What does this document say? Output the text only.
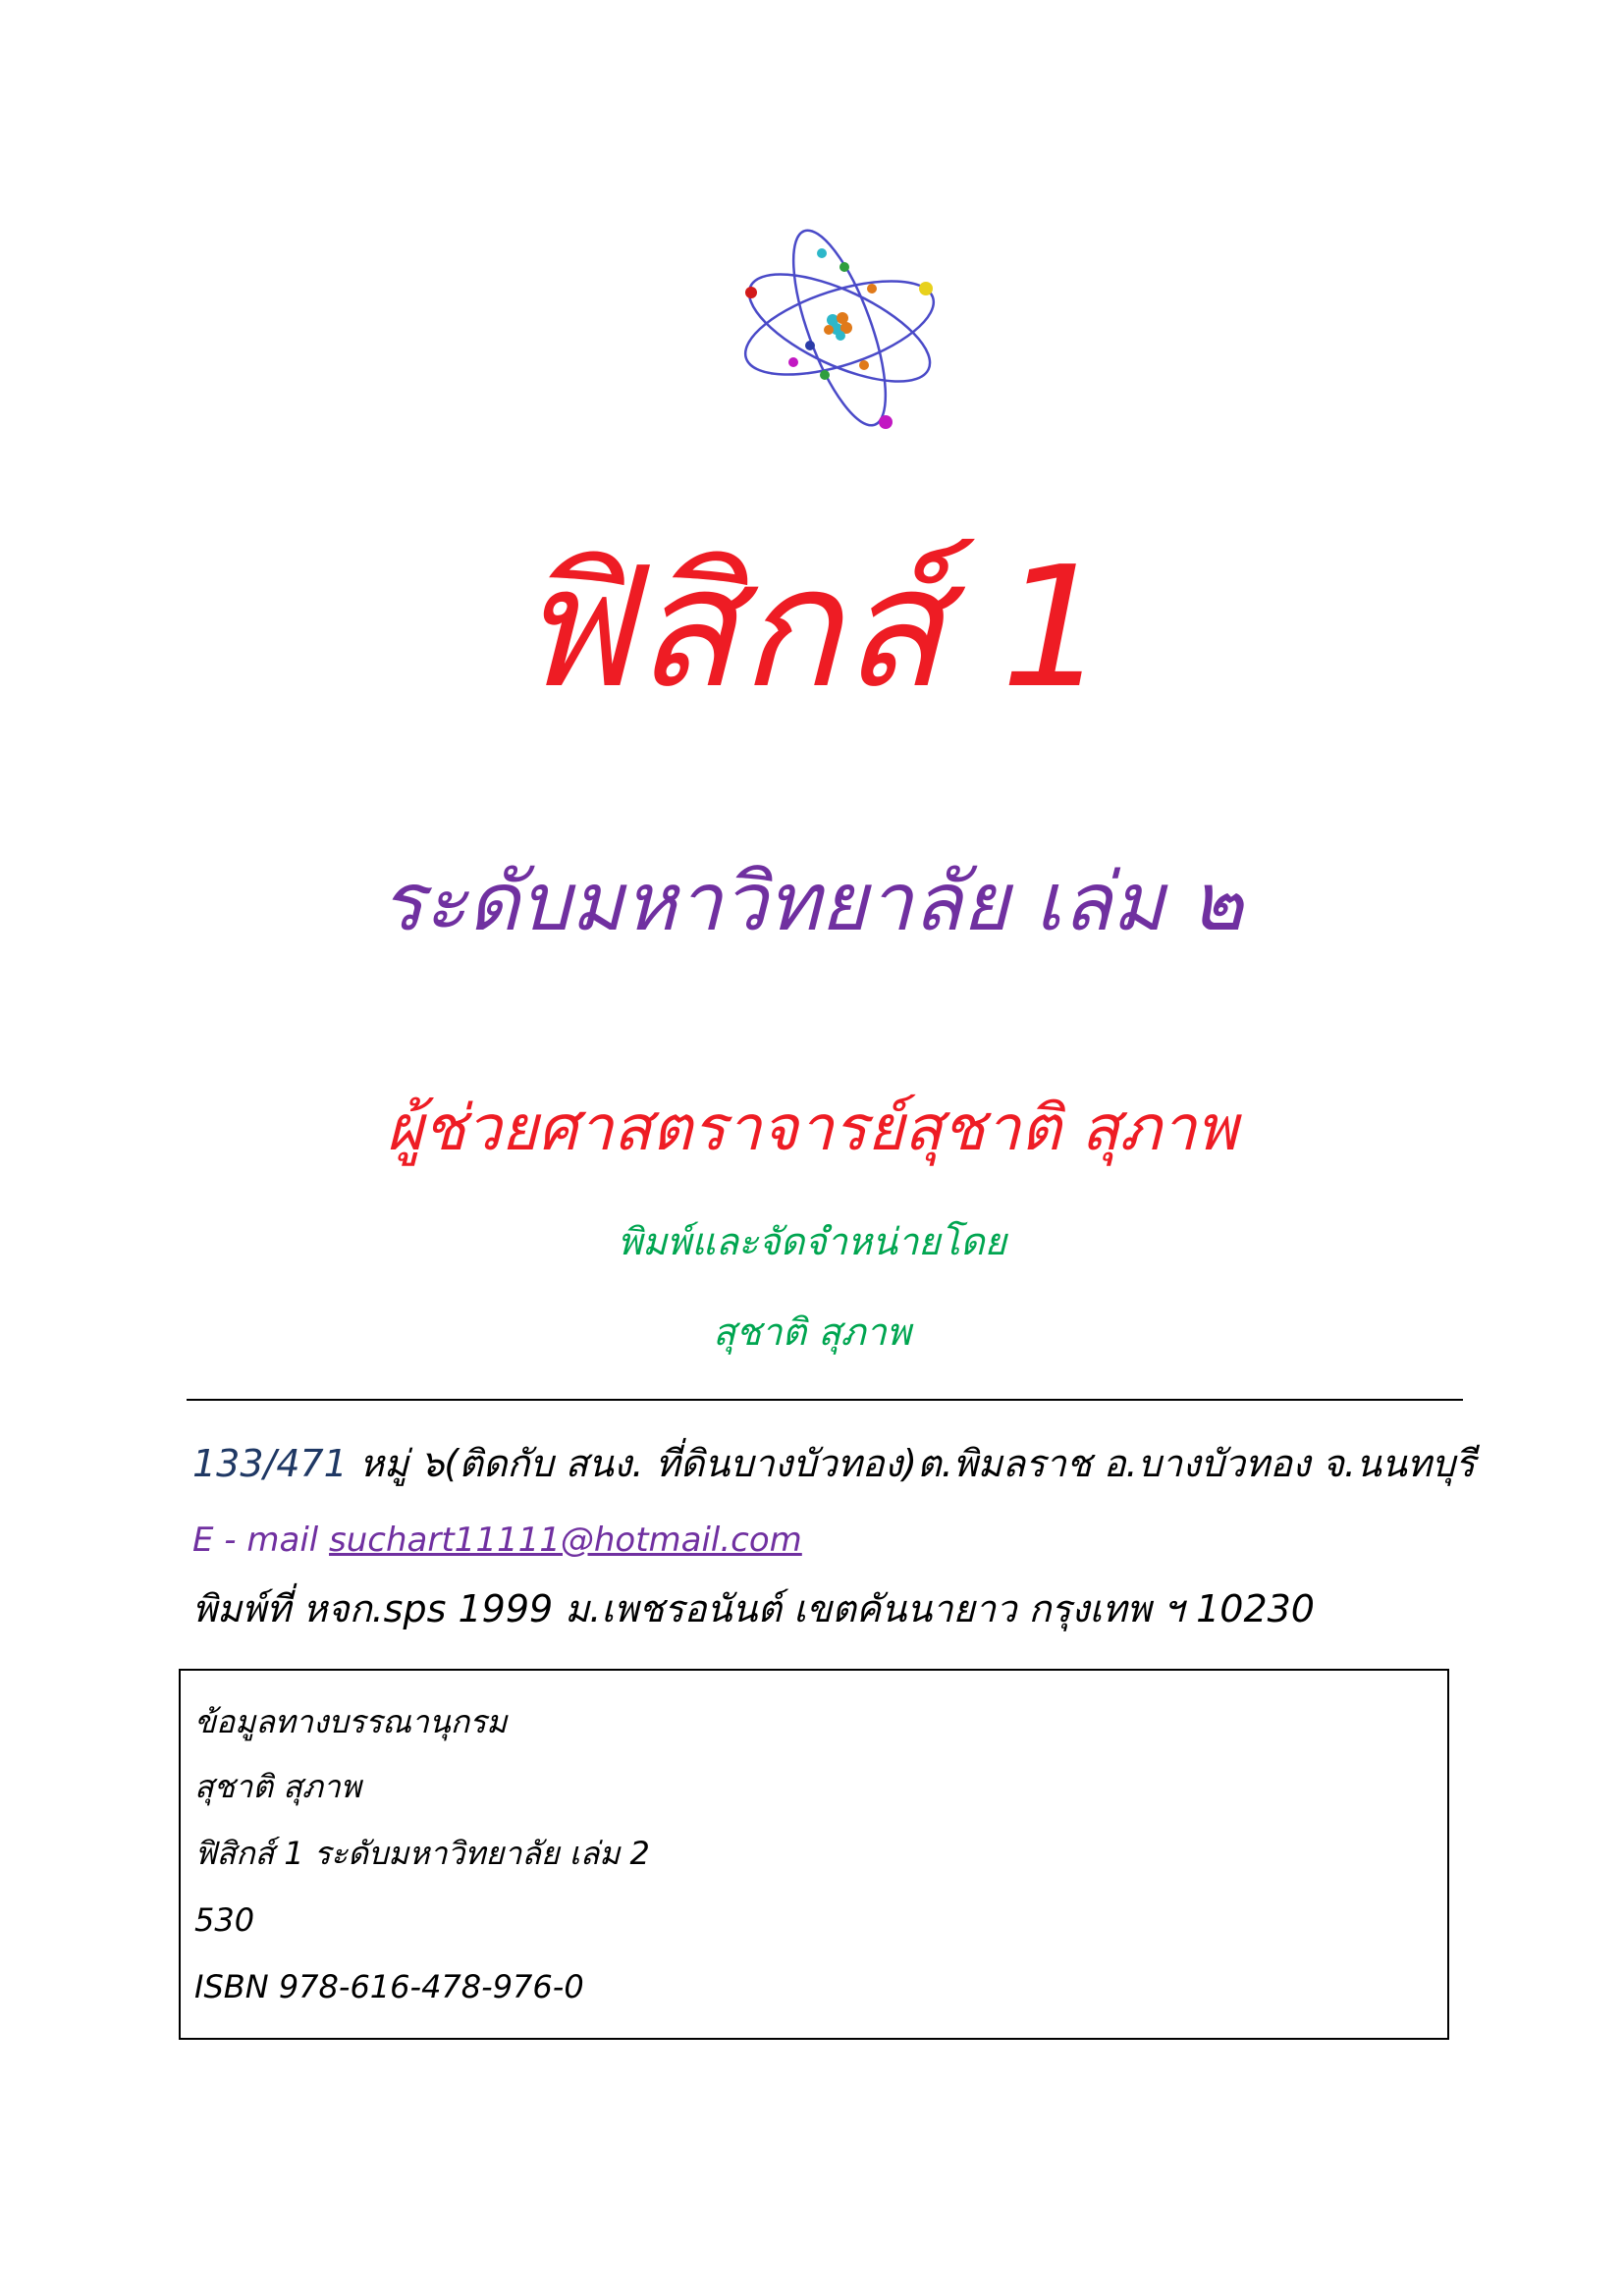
ฟิสิกส์ 1
ระดับมหาวิทยาลัย เล่ม ๒
ผู้ช่วยศาสตราจารย์สุชาติ สุภาพ
พิมพ์และจัดจำหน่ายโดย
สุชาติ สุภาพ
133/471 หมู่ ๖(ติดกับ สนง. ที่ดินบางบัวทอง)ต.พิมลราช อ.บางบัวทอง จ.นนทบุรี
E - mail suchart11111@hotmail.com
พิมพ์ที่ หจก.sps 1999 ม.เพชรอนันต์ เขตคันนายาว กรุงเทพ ฯ 10230
ข้อมูลทางบรรณานุกรม
สุชาติ สุภาพ
ฟิสิกส์ 1 ระดับมหาวิทยาลัย เล่ม 2
530
ISBN 978-616-478-976-0
